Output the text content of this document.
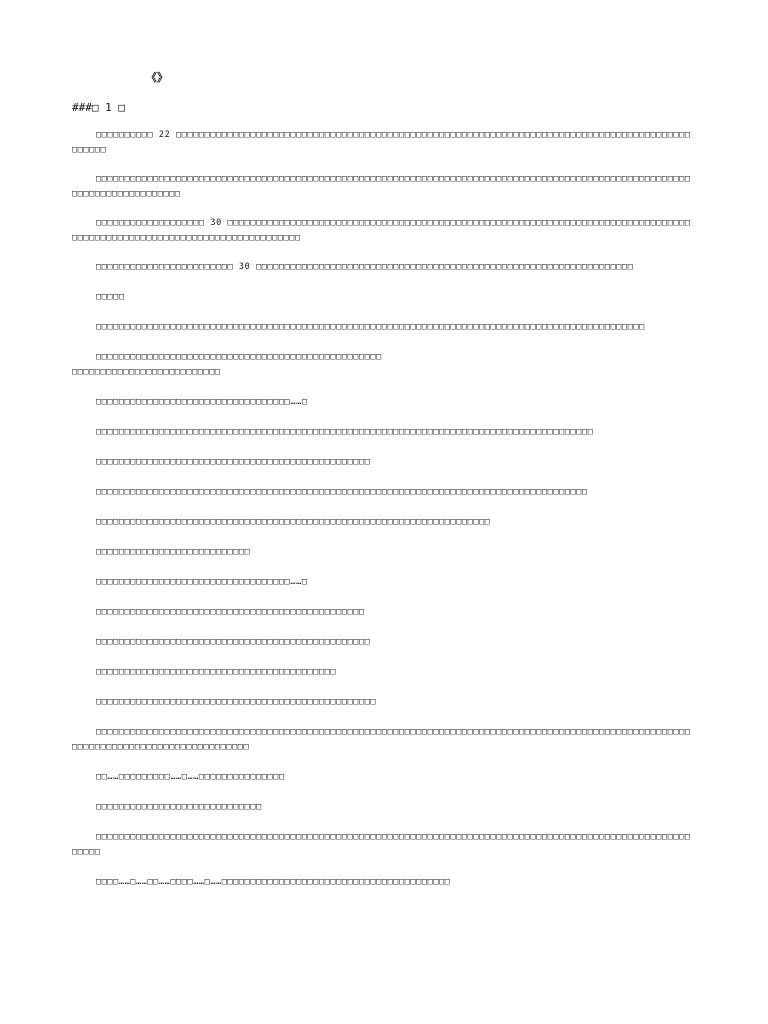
《》
###□ 1 □

□□□□□□□□□□ 22 □□□□□□□□□□□□□□□□□□□□□□□□□□□□□□□□□□□□□□□□□□□□□□□□□□□□□□□□□□□□□□□□□□□□□□□□□□□□□□□□□□□□□□□□□□□□□□□□

□□□□□□□□□□□□□□□□□□□□□□□□□□□□□□□□□□□□□□□□□□□□□□□□□□□□□□□□□□□□□□□□□□□□□□□□□□□□□□□□□□□□□□□□□□□□□□□□□□□□□□□□□□□□□□□□□□□□□□□□□□□

□□□□□□□□□□□□□□□□□□□ 30 □□□□□□□□□□□□□□□□□□□□□□□□□□□□□□□□□□□□□□□□□□□□□□□□□□□□□□□□□□□□□□□□□□□□□□□□□□□□□□□□□□□□□□□□□□□□□□□□□□□□□□□□□□□□□□□□□□□□□□□□□

□□□□□□□□□□□□□□□□□□□□□□□□ 30 □□□□□□□□□□□□□□□□□□□□□□□□□□□□□□□□□□□□□□□□□□□□□□□□□□□□□□□□□□□□□□□□□□

□□□□□

□□□□□□□□□□□□□□□□□□□□□□□□□□□□□□□□□□□□□□□□□□□□□□□□□□□□□□□□□□□□□□□□□□□□□□□□□□□□□□□□□□□□□□□□□□□□□□□□

□□□□□□□□□□□□□□□□□□□□□□□□□□□□□□□□□□□□□□□□□□□□□□□□□□□□□□□□□□□□□□□□□□□□□□□□□□□□

□□□□□□□□□□□□□□□□□□□□□□□□□□□□□□□□□□……□

□□□□□□□□□□□□□□□□□□□□□□□□□□□□□□□□□□□□□□□□□□□□□□□□□□□□□□□□□□□□□□□□□□□□□□□□□□□□□□□□□□□□□□□

□□□□□□□□□□□□□□□□□□□□□□□□□□□□□□□□□□□□□□□□□□□□□□□□

□□□□□□□□□□□□□□□□□□□□□□□□□□□□□□□□□□□□□□□□□□□□□□□□□□□□□□□□□□□□□□□□□□□□□□□□□□□□□□□□□□□□□□

□□□□□□□□□□□□□□□□□□□□□□□□□□□□□□□□□□□□□□□□□□□□□□□□□□□□□□□□□□□□□□□□□□□□□

□□□□□□□□□□□□□□□□□□□□□□□□□□□

□□□□□□□□□□□□□□□□□□□□□□□□□□□□□□□□□□……□

□□□□□□□□□□□□□□□□□□□□□□□□□□□□□□□□□□□□□□□□□□□□□□□

□□□□□□□□□□□□□□□□□□□□□□□□□□□□□□□□□□□□□□□□□□□□□□□□

□□□□□□□□□□□□□□□□□□□□□□□□□□□□□□□□□□□□□□□□□□

□□□□□□□□□□□□□□□□□□□□□□□□□□□□□□□□□□□□□□□□□□□□□□□□□

□□□□□□□□□□□□□□□□□□□□□□□□□□□□□□□□□□□□□□□□□□□□□□□□□□□□□□□□□□□□□□□□□□□□□□□□□□□□□□□□□□□□□□□□□□□□□□□□□□□□□□□□□□□□□□□□□□□□□□□□□□□□□□□□□□□□□□□

□□……□□□□□□□□□……□……□□□□□□□□□□□□□□□

□□□□□□□□□□□□□□□□□□□□□□□□□□□□□

□□□□□□□□□□□□□□□□□□□□□□□□□□□□□□□□□□□□□□□□□□□□□□□□□□□□□□□□□□□□□□□□□□□□□□□□□□□□□□□□□□□□□□□□□□□□□□□□□□□□□□□□□□□□□

□□□□……□……□□……□□□□……□……□□□□□□□□□□□□□□□□□□□□□□□□□□□□□□□□□□□□□□□□
